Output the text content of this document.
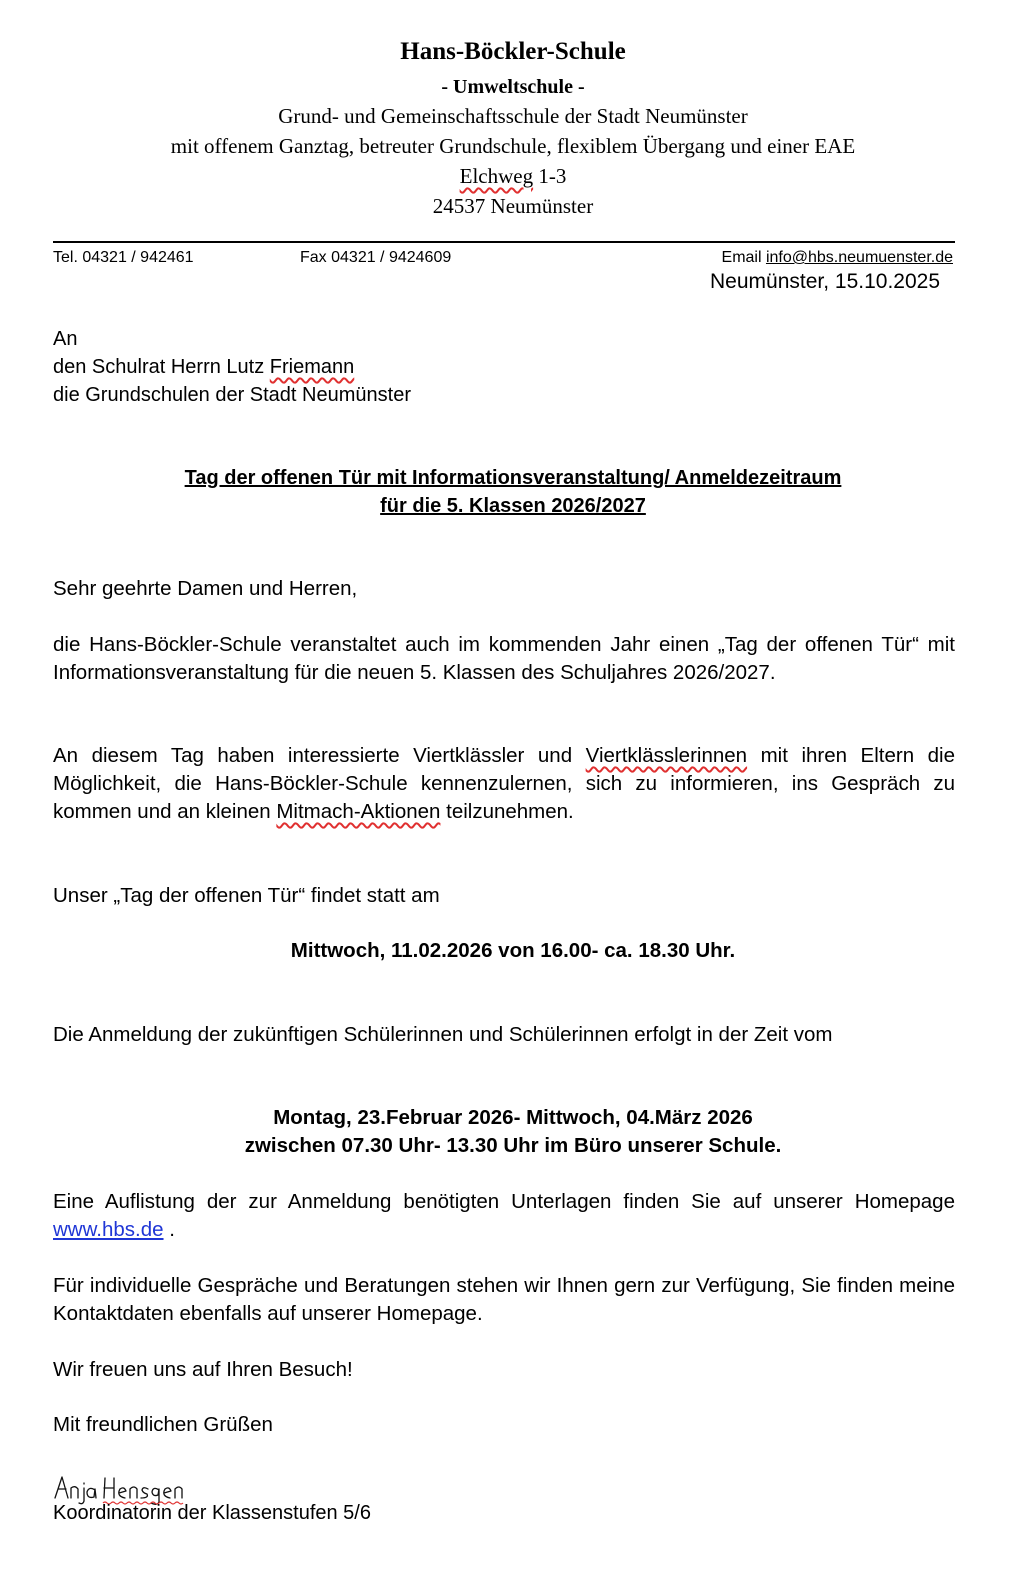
Hans-Böckler-Schule
- Umweltschule -
Grund- und Gemeinschaftsschule der Stadt Neumünster
mit offenem Ganztag, betreuter Grundschule, flexiblem Übergang und einer EAE
Elchweg 1-3
24537 Neumünster
Tel. 04321 / 942461	Fax 04321 / 9424609	Email info@hbs.neumuenster.de
Neumünster, 15.10.2025
An
den Schulrat Herrn Lutz Friemann
die Grundschulen der Stadt Neumünster
Tag der offenen Tür mit Informationsveranstaltung/ Anmeldezeitraum
für die 5. Klassen 2026/2027
Sehr geehrte Damen und Herren,
die Hans-Böckler-Schule veranstaltet auch im kommenden Jahr einen „Tag der offenen Tür“ mit Informationsveranstaltung für die neuen 5. Klassen des Schuljahres 2026/2027.
An diesem Tag haben interessierte Viertklässler und Viertklässlerinnen mit ihren Eltern die Möglichkeit, die Hans-Böckler-Schule kennenzulernen, sich zu informieren, ins Gespräch zu kommen und an kleinen Mitmach-Aktionen teilzunehmen.
Unser „Tag der offenen Tür“ findet statt am
Mittwoch, 11.02.2026 von 16.00- ca. 18.30 Uhr.
Die Anmeldung der zukünftigen Schülerinnen und Schülerinnen erfolgt in der Zeit vom
Montag, 23.Februar 2026- Mittwoch, 04.März 2026
zwischen 07.30 Uhr- 13.30 Uhr im Büro unserer Schule.
Eine Auflistung der zur Anmeldung benötigten Unterlagen finden Sie auf unserer Homepage www.hbs.de .
Für individuelle Gespräche und Beratungen stehen wir Ihnen gern zur Verfügung, Sie finden meine Kontaktdaten ebenfalls auf unserer Homepage.
Wir freuen uns auf Ihren Besuch!
Mit freundlichen Grüßen
Koordinatorin der Klassenstufen 5/6
